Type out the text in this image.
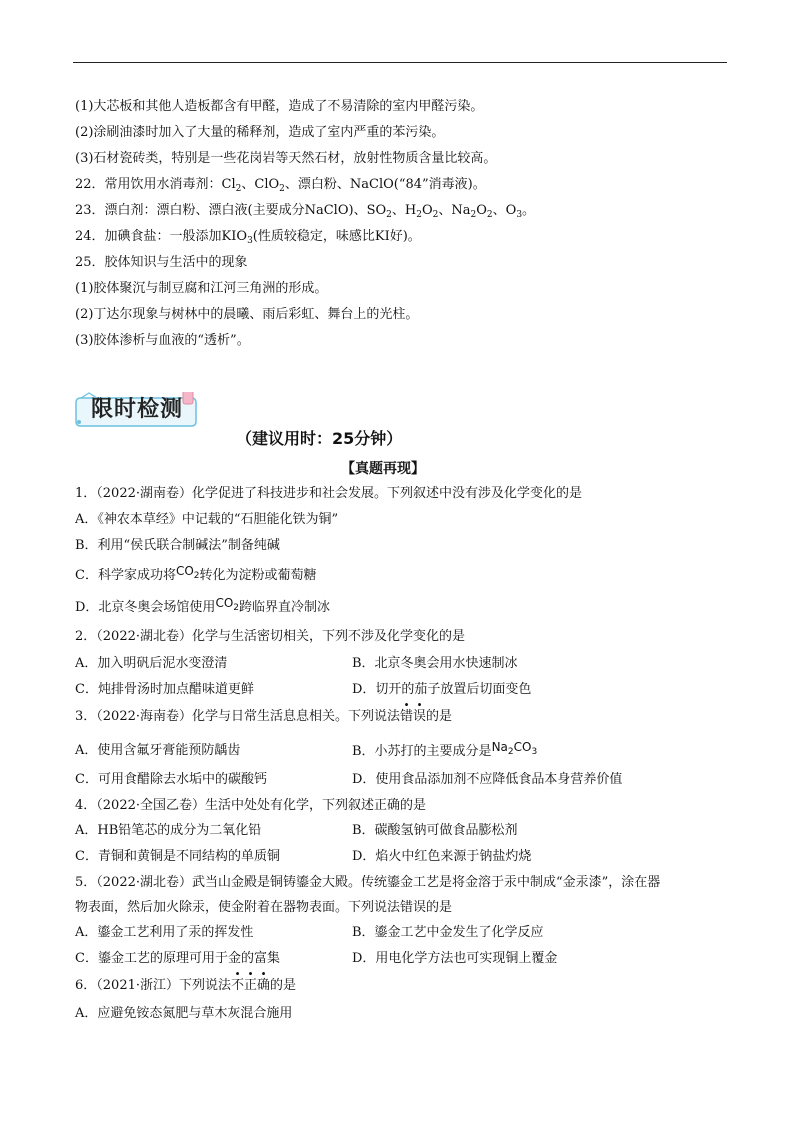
(1)大芯板和其他人造板都含有甲醛，造成了不易清除的室内甲醛污染。
(2)涂刷油漆时加入了大量的稀释剂，造成了室内严重的苯污染。
(3)石材瓷砖类，特别是一些花岗岩等天然石材，放射性物质含量比较高。
22．常用饮用水消毒剂：$Cl_2$、ClO$_2$、漂白粉、NaClO(“84”消毒液)。
23．漂白剂：漂白粉、漂白液(主要成分NaClO)、$SO_2$、$H_2O_2$、$Na_2O_2$、$O_3$。
24．加碘食盐：一般添加$KIO_3$(性质较稳定，味感比KI好)。
25．胶体知识与生活中的现象
(1)胶体聚沉与制豆腐和江河三角洲的形成。
(2)丁达尔现象与树林中的晨曦、雨后彩虹、舞台上的光柱。
(3)胶体渗析与血液的“透析”。
限时检测
（建议用时：25分钟）
【真题再现】
1．（2022·湖南卷）化学促进了科技进步和社会发展。下列叙述中没有涉及化学变化的是
A．《神农本草经》中记载的“石胆能化铁为铜”
B．利用“侯氏联合制碱法”制备纯碱
C．科学家成功将$CO_2$转化为淀粉或葡萄糖
D．北京冬奥会场馆使用$CO_2$跨临界直冷制冰
2．（2022·湖北卷）化学与生活密切相关，下列不涉及化学变化的是
A．加入明矾后泥水变澄清	B．北京冬奥会用水快速制冰
C．炖排骨汤时加点醋味道更鲜	D．切开的茄子放置后切面变色
3．（2022·海南卷）化学与日常生活息息相关。下列说法错误的是
A．使用含氟牙膏能预防龋齿	B．小苏打的主要成分是$Na_2CO_3$
C．可用食醋除去水垢中的碳酸钙	D．使用食品添加剂不应降低食品本身营养价值
4．（2022·全国乙卷）生活中处处有化学，下列叙述正确的是
A．HB铅笔芯的成分为二氧化铅	B．碳酸氢钠可做食品膨松剂
C．青铜和黄铜是不同结构的单质铜	D．焰火中红色来源于钠盐灼烧
5．（2022·湖北卷）武当山金殿是铜铸鎏金大殿。传统鎏金工艺是将金溶于汞中制成“金汞漆”，涂在器
物表面，然后加火除汞，使金附着在器物表面。下列说法错误的是
A．鎏金工艺利用了汞的挥发性	B．鎏金工艺中金发生了化学反应
C．鎏金工艺的原理可用于金的富集	D．用电化学方法也可实现铜上覆金
6．（2021·浙江）下列说法不正确的是
A．应避免铵态氮肥与草木灰混合施用
